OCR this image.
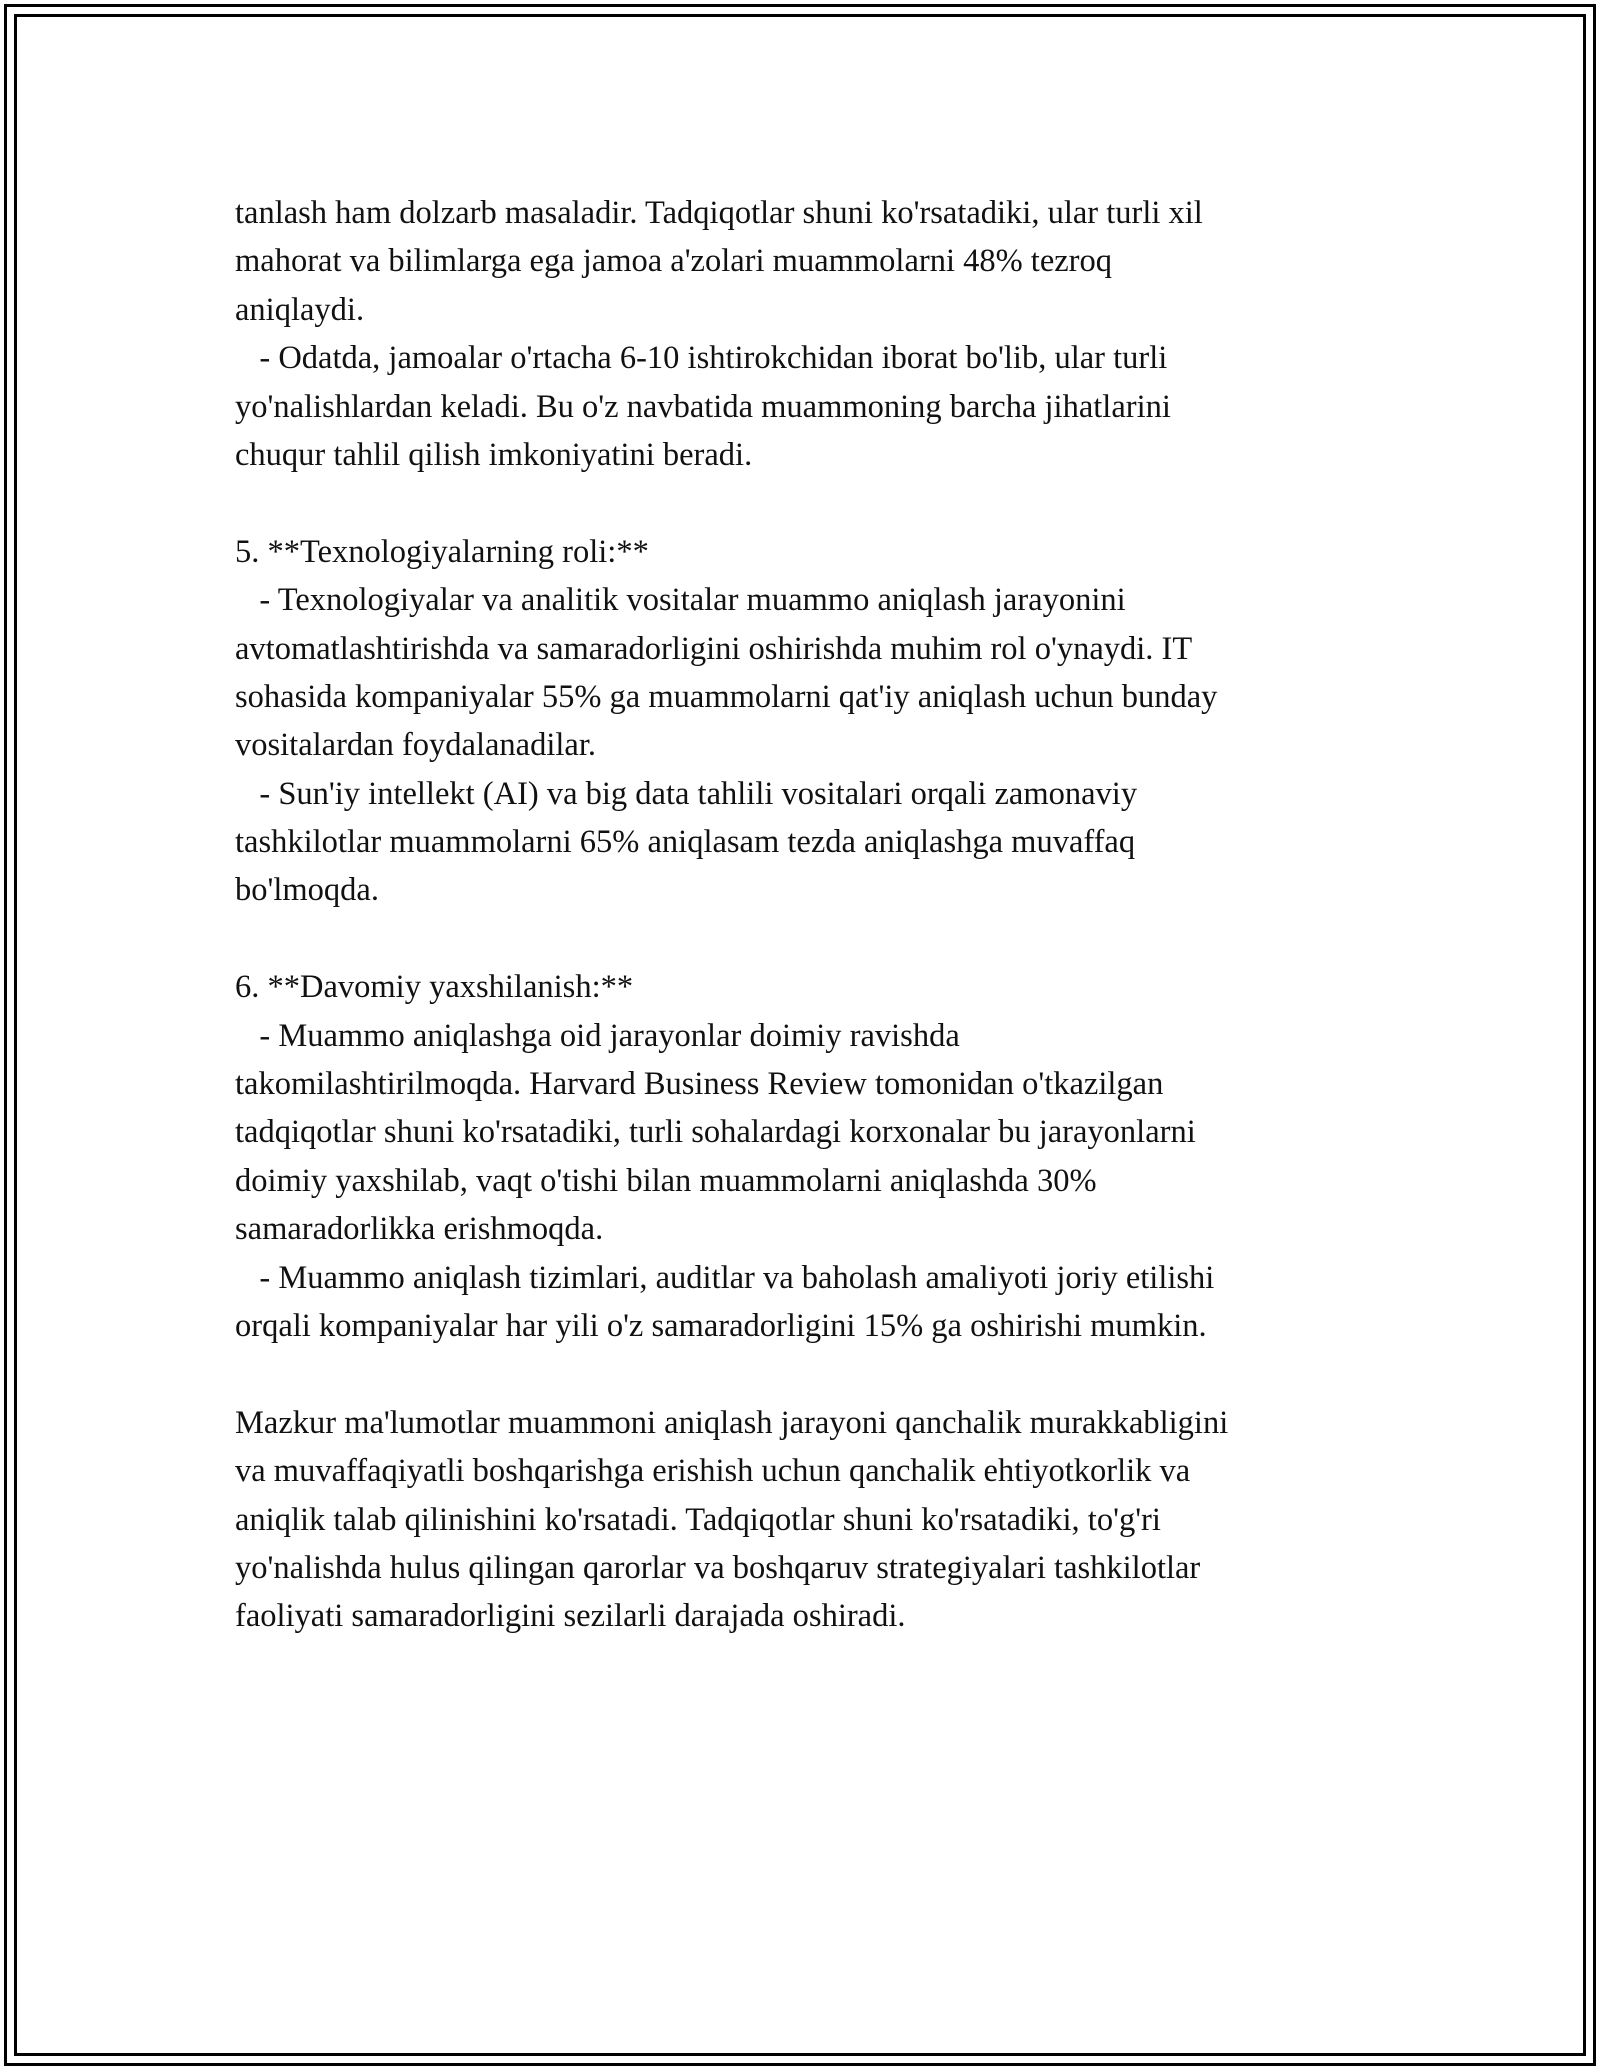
tanlash ham dolzarb masaladir. Tadqiqotlar shuni ko'rsatadiki, ular turli xil
mahorat va bilimlarga ega jamoa a'zolari muammolarni 48% tezroq
aniqlaydi.
- Odatda, jamoalar o'rtacha 6-10 ishtirokchidan iborat bo'lib, ular turli
yo'nalishlardan keladi. Bu o'z navbatida muammoning barcha jihatlarini
chuqur tahlil qilish imkoniyatini beradi.
5. **Texnologiyalarning roli:**
- Texnologiyalar va analitik vositalar muammo aniqlash jarayonini
avtomatlashtirishda va samaradorligini oshirishda muhim rol o'ynaydi. IT
sohasida kompaniyalar 55% ga muammolarni qat'iy aniqlash uchun bunday
vositalardan foydalanadilar.
- Sun'iy intellekt (AI) va big data tahlili vositalari orqali zamonaviy
tashkilotlar muammolarni 65% aniqlasam tezda aniqlashga muvaffaq
bo'lmoqda.
6. **Davomiy yaxshilanish:**
- Muammo aniqlashga oid jarayonlar doimiy ravishda
takomilashtirilmoqda. Harvard Business Review tomonidan o'tkazilgan
tadqiqotlar shuni ko'rsatadiki, turli sohalardagi korxonalar bu jarayonlarni
doimiy yaxshilab, vaqt o'tishi bilan muammolarni aniqlashda 30%
samaradorlikka erishmoqda.
- Muammo aniqlash tizimlari, auditlar va baholash amaliyoti joriy etilishi
orqali kompaniyalar har yili o'z samaradorligini 15% ga oshirishi mumkin.
Mazkur ma'lumotlar muammoni aniqlash jarayoni qanchalik murakkabligini
va muvaffaqiyatli boshqarishga erishish uchun qanchalik ehtiyotkorlik va
aniqlik talab qilinishini ko'rsatadi. Tadqiqotlar shuni ko'rsatadiki, to'g'ri
yo'nalishda hulus qilingan qarorlar va boshqaruv strategiyalari tashkilotlar
faoliyati samaradorligini sezilarli darajada oshiradi.
